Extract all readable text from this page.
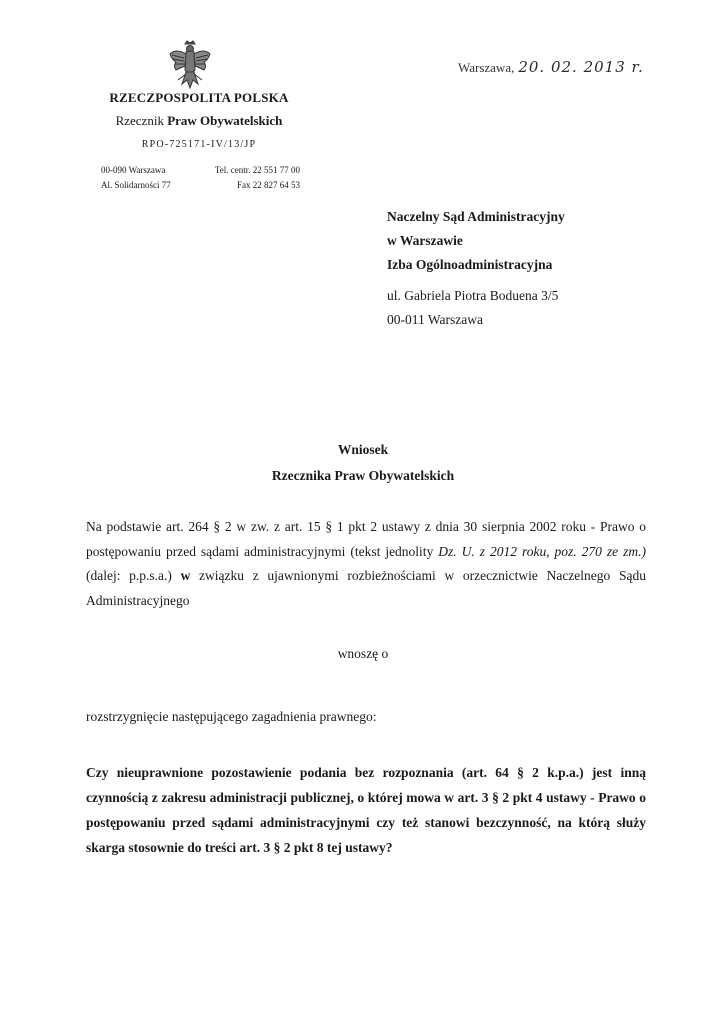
RZECZPOSPOLITA POLSKA
Rzecznik Praw Obywatelskich
RPO-725171-IV/13/JP
00-090 Warszawa
Al. Solidarności 77
Tel. centr. 22 551 77 00
Fax 22 827 64 53
Warszawa, 20. 02. 2013 r.
Naczelny Sąd Administracyjny
w Warszawie
Izba Ogólnoadministracyjna
ul. Gabriela Piotra Boduena 3/5
00-011 Warszawa
Wniosek
Rzecznika Praw Obywatelskich
Na podstawie art. 264 § 2 w zw. z art. 15 § 1 pkt 2 ustawy z dnia 30 sierpnia 2002 roku - Prawo o postępowaniu przed sądami administracyjnymi (tekst jednolity Dz. U. z 2012 roku, poz. 270 ze zm.) (dalej: p.p.s.a.) w związku z ujawnionymi rozbieżnościami w orzecznictwie Naczelnego Sądu Administracyjnego
wnoszę o
rozstrzygnięcie następującego zagadnienia prawnego:
Czy nieuprawnione pozostawienie podania bez rozpoznania (art. 64 § 2 k.p.a.) jest inną czynnością z zakresu administracji publicznej, o której mowa w art. 3 § 2 pkt 4 ustawy - Prawo o postępowaniu przed sądami administracyjnymi czy też stanowi bezczynność, na którą służy skarga stosownie do treści art. 3 § 2 pkt 8 tej ustawy?
